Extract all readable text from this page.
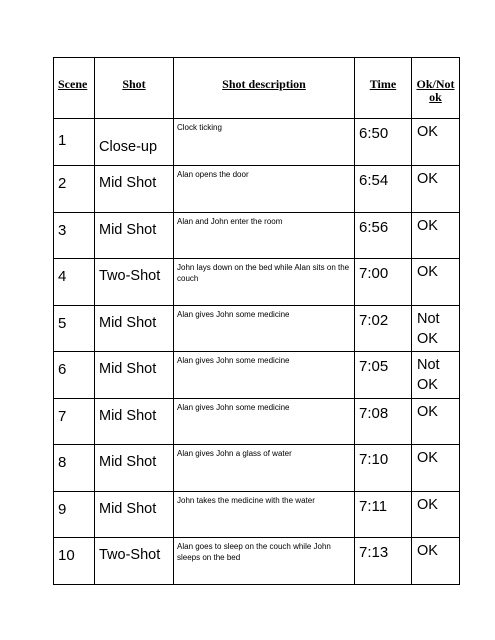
Scene	Shot	Shot description	Time	Ok/Not ok
1	Close-up	Clock ticking	6:50	OK
2	Mid Shot	Alan opens the door	6:54	OK
3	Mid Shot	Alan and John enter the room	6:56	OK
4	Two-Shot	John lays down on the bed while Alan sits on the couch	7:00	OK
5	Mid Shot	Alan gives John some medicine	7:02	Not OK
6	Mid Shot	Alan gives John some medicine	7:05	Not OK
7	Mid Shot	Alan gives John some medicine	7:08	OK
8	Mid Shot	Alan gives John a glass of water	7:10	OK
9	Mid Shot	John takes the medicine with the water	7:11	OK
10	Two-Shot	Alan goes to sleep on the couch while John sleeps on the bed	7:13	OK
